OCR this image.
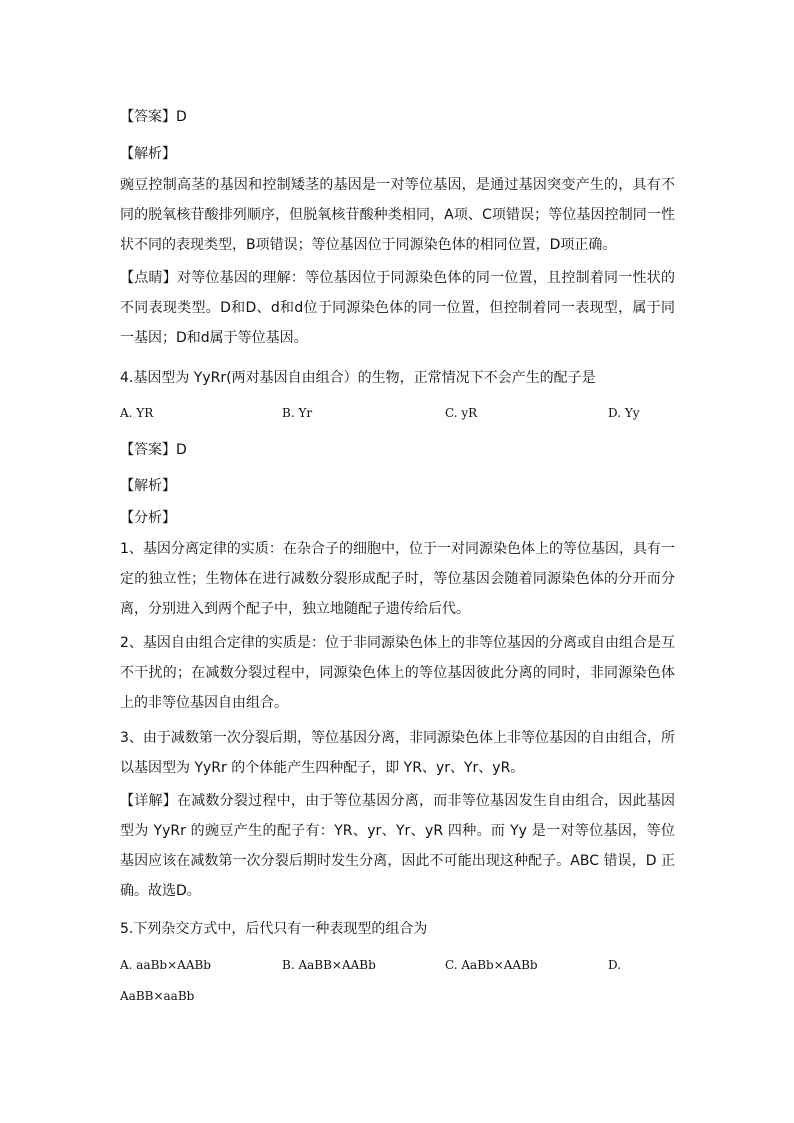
【答案】D
【解析】
豌豆控制高茎的基因和控制矮茎的基因是一对等位基因，是通过基因突变产生的，具有不同的脱氧核苷酸排列顺序，但脱氧核苷酸种类相同，A项、C项错误；等位基因控制同一性状不同的表现类型，B项错误；等位基因位于同源染色体的相同位置，D项正确。
【点睛】对等位基因的理解：等位基因位于同源染色体的同一位置，且控制着同一性状的不同表现类型。D和D、d和d位于同源染色体的同一位置，但控制着同一表现型，属于同一基因；D和d属于等位基因。
4.基因型为 YyRr(两对基因自由组合）的生物，正常情况下不会产生的配子是
A. YR	B. Yr	C. yR	D. Yy
【答案】D
【解析】
【分析】
1、基因分离定律的实质：在杂合子的细胞中，位于一对同源染色体上的等位基因，具有一定的独立性；生物体在进行减数分裂形成配子时，等位基因会随着同源染色体的分开而分离，分别进入到两个配子中，独立地随配子遗传给后代。
2、基因自由组合定律的实质是：位于非同源染色体上的非等位基因的分离或自由组合是互不干扰的；在减数分裂过程中，同源染色体上的等位基因彼此分离的同时，非同源染色体上的非等位基因自由组合。
3、由于减数第一次分裂后期，等位基因分离，非同源染色体上非等位基因的自由组合，所以基因型为 YyRr 的个体能产生四种配子，即 YR、yr、Yr、yR。
【详解】在减数分裂过程中，由于等位基因分离，而非等位基因发生自由组合，因此基因型为 YyRr 的豌豆产生的配子有：YR、yr、Yr、yR 四种。而 Yy 是一对等位基因，等位基因应该在减数第一次分裂后期时发生分离，因此不可能出现这种配子。ABC 错误，D 正确。故选D。
5.下列杂交方式中，后代只有一种表现型的组合为
A. aaBb×AABb	B. AaBB×AABb	C. AaBb×AABb	D.
AaBB×aaBb
